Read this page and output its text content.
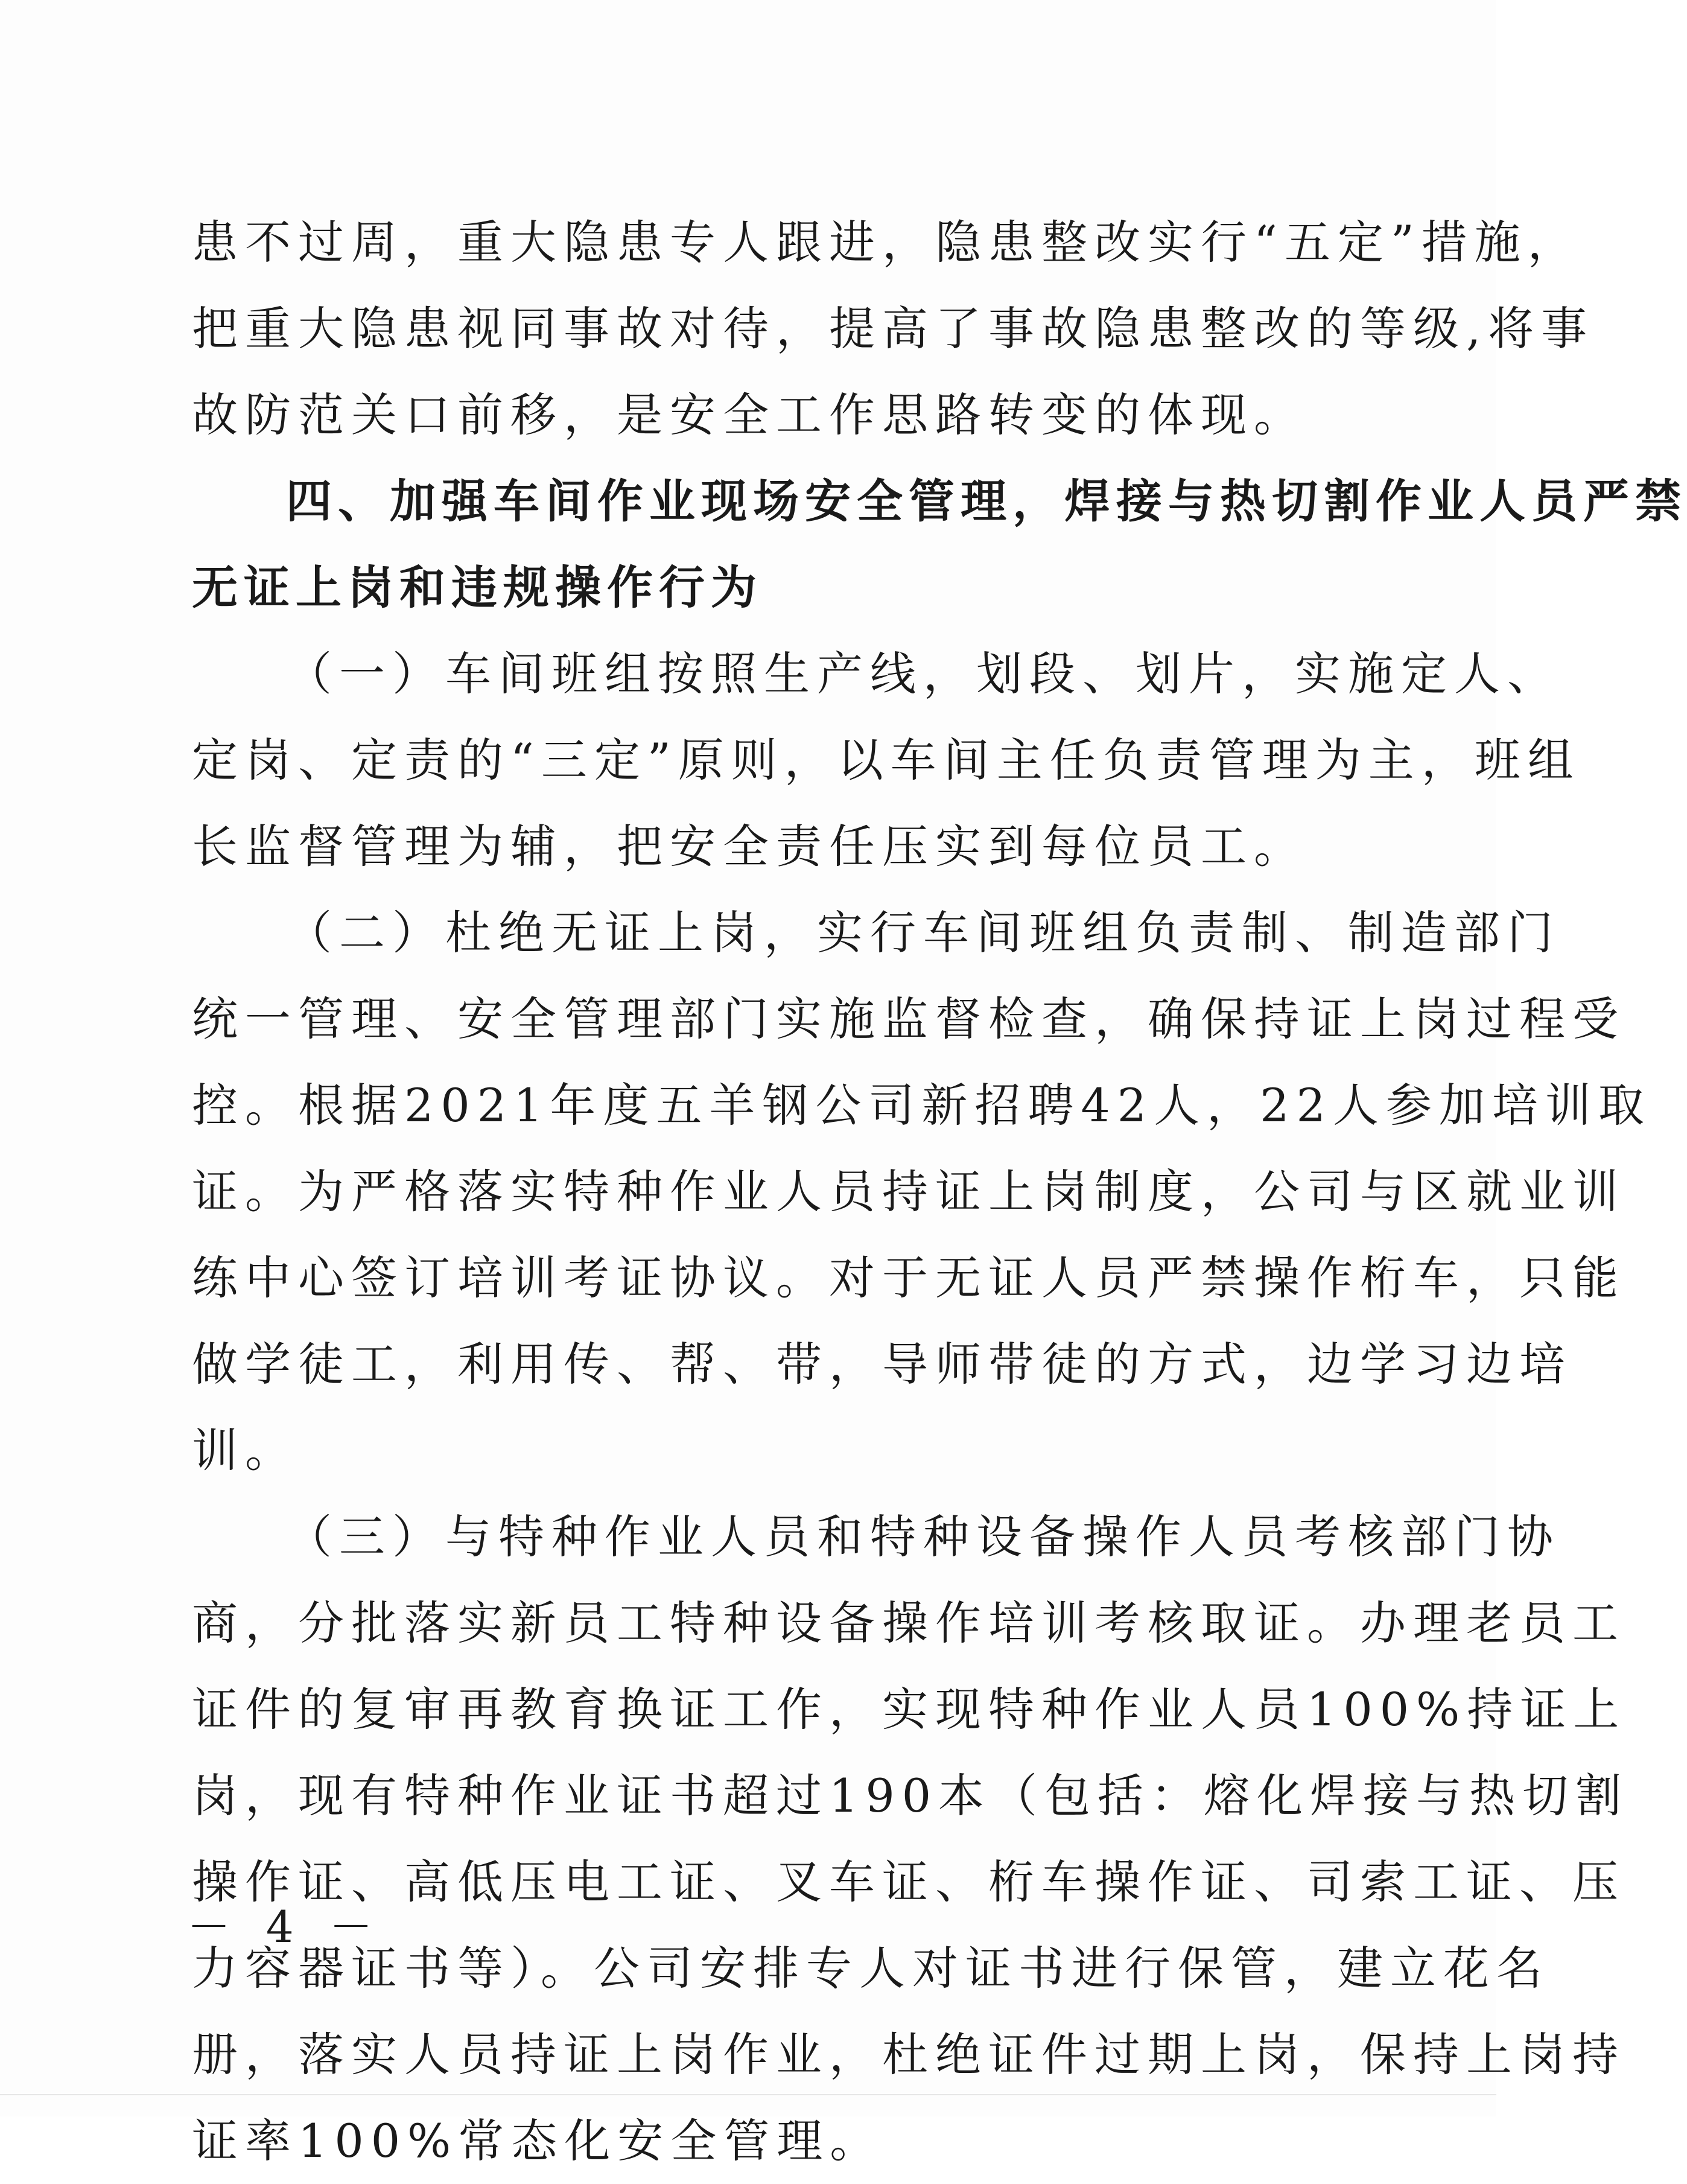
患不过周，重大隐患专人跟进，隐患整改实行“五定”措施，
把重大隐患视同事故对待，提高了事故隐患整改的等级,将事
故防范关口前移，是安全工作思路转变的体现。
四、加强车间作业现场安全管理，焊接与热切割作业人员严禁
无证上岗和违规操作行为
（一）车间班组按照生产线，划段、划片，实施定人、
定岗、定责的“三定”原则，以车间主任负责管理为主，班组
长监督管理为辅，把安全责任压实到每位员工。
（二）杜绝无证上岗，实行车间班组负责制、制造部门
统一管理、安全管理部门实施监督检查，确保持证上岗过程受
控。根据2021年度五羊钢公司新招聘42人，22人参加培训取
证。为严格落实特种作业人员持证上岗制度，公司与区就业训
练中心签订培训考证协议。对于无证人员严禁操作桁车，只能
做学徒工，利用传、帮、带，导师带徒的方式，边学习边培
训。
（三）与特种作业人员和特种设备操作人员考核部门协
商，分批落实新员工特种设备操作培训考核取证。办理老员工
证件的复审再教育换证工作，实现特种作业人员100%持证上
岗，现有特种作业证书超过190本（包括：熔化焊接与热切割
操作证、高低压电工证、叉车证、桁车操作证、司索工证、压
力容器证书等）。公司安排专人对证书进行保管，建立花名
册，落实人员持证上岗作业，杜绝证件过期上岗，保持上岗持
证率100%常态化安全管理。
－ 4 －
